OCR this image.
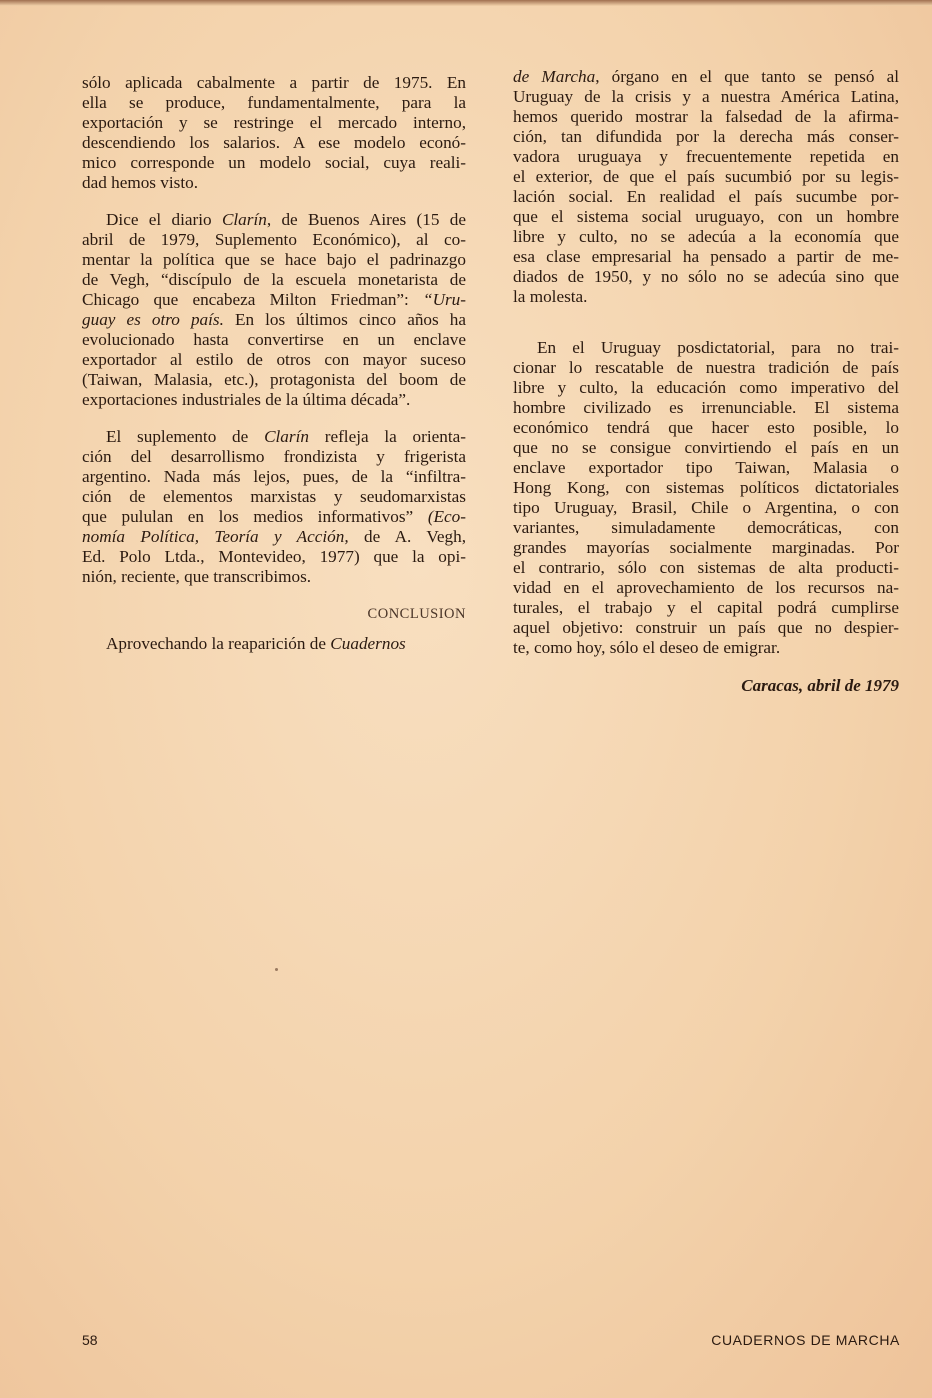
sólo aplicada cabalmente a partir de 1975. En
ella se produce, fundamentalmente, para la
exportación y se restringe el mercado interno,
descendiendo los salarios. A ese modelo econó-
mico corresponde un modelo social, cuya reali-
dad hemos visto.
Dice el diario Clarín, de Buenos Aires (15 de
abril de 1979, Suplemento Económico), al co-
mentar la política que se hace bajo el padrinazgo
de Vegh, “discípulo de la escuela monetarista de
Chicago que encabeza Milton Friedman”: “Uru-
guay es otro país. En los últimos cinco años ha
evolucionado hasta convertirse en un enclave
exportador al estilo de otros con mayor suceso
(Taiwan, Malasia, etc.), protagonista del boom de
exportaciones industriales de la última década”.
El suplemento de Clarín refleja la orienta-
ción del desarrollismo frondizista y frigerista
argentino. Nada más lejos, pues, de la “infiltra-
ción de elementos marxistas y seudomarxistas
que pululan en los medios informativos” (Eco-
nomía Política, Teoría y Acción, de A. Vegh,
Ed. Polo Ltda., Montevideo, 1977) que la opi-
nión, reciente, que transcribimos.
CONCLUSION
Aprovechando la reaparición de Cuadernos
de Marcha, órgano en el que tanto se pensó al
Uruguay de la crisis y a nuestra América Latina,
hemos querido mostrar la falsedad de la afirma-
ción, tan difundida por la derecha más conser-
vadora uruguaya y frecuentemente repetida en
el exterior, de que el país sucumbió por su legis-
lación social. En realidad el país sucumbe por-
que el sistema social uruguayo, con un hombre
libre y culto, no se adecúa a la economía que
esa clase empresarial ha pensado a partir de me-
diados de 1950, y no sólo no se adecúa sino que
la molesta.
En el Uruguay posdictatorial, para no trai-
cionar lo rescatable de nuestra tradición de país
libre y culto, la educación como imperativo del
hombre civilizado es irrenunciable. El sistema
económico tendrá que hacer esto posible, lo
que no se consigue convirtiendo el país en un
enclave exportador tipo Taiwan, Malasia o
Hong Kong, con sistemas políticos dictatoriales
tipo Uruguay, Brasil, Chile o Argentina, o con
variantes, simuladamente democráticas, con
grandes mayorías socialmente marginadas. Por
el contrario, sólo con sistemas de alta producti-
vidad en el aprovechamiento de los recursos na-
turales, el trabajo y el capital podrá cumplirse
aquel objetivo: construir un país que no despier-
te, como hoy, sólo el deseo de emigrar.
Caracas, abril de 1979
58	CUADERNOS DE MARCHA
